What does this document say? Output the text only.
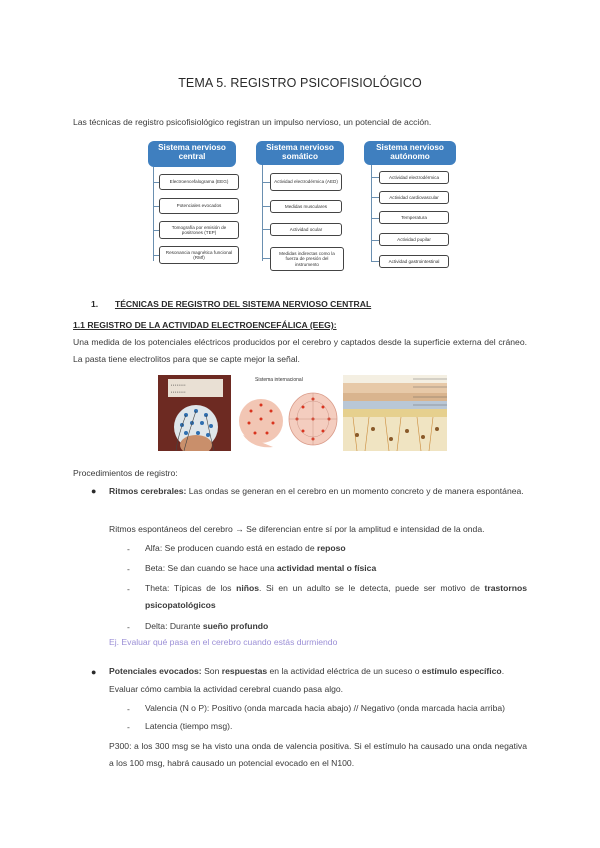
TEMA 5. REGISTRO PSICOFISIOLÓGICO
Las técnicas de registro psicofisiológico registran un impulso nervioso, un potencial de acción.
Sistema nervioso central
Electroencefalograma (EEG)
Potenciales evocados
Tomografía por emisión de positrones (TEP)
Resonancia magnética funcional (RMf)
Sistema nervioso somático
Actividad electrodérmica (AED)
Medidas musculares
Actividad ocular
Medidas indirectas como la fuerza de presión del instrumento
Sistema nervioso autónomo
Actividad electrodérmica
Actividad cardiovascular
Temperatura
Actividad pupilar
Actividad gastrointestinal
1. TÉCNICAS DE REGISTRO DEL SISTEMA NERVIOSO CENTRAL
1.1 REGISTRO DE LA ACTIVIDAD ELECTROENCEFÁLICA (EEG):
Una medida de los potenciales eléctricos producidos por el cerebro y captados desde la superficie externa del cráneo. La pasta tiene electrolitos para que se capte mejor la señal.
▪ ▪ ▪ ▪ ▪ ▪ ▪ ▪
▪ ▪ ▪ ▪ ▪ ▪ ▪ ▪
Sistema internacional
Procedimientos de registro:
● Ritmos cerebrales: Las ondas se generan en el cerebro en un momento concreto y de manera espontánea.
Ritmos espontáneos del cerebro → Se diferencian entre sí por la amplitud e intensidad de la onda.
- Alfa: Se producen cuando está en estado de reposo
- Beta: Se dan cuando se hace una actividad mental o física
- Theta: Típicas de los niños. Si en un adulto se le detecta, puede ser motivo de trastornos psicopatológicos
- Delta: Durante sueño profundo
Ej. Evaluar qué pasa en el cerebro cuando estás durmiendo
● Potenciales evocados: Son respuestas en la actividad eléctrica de un suceso o estímulo específico.
Evaluar cómo cambia la actividad cerebral cuando pasa algo.
- Valencia (N o P): Positivo (onda marcada hacia abajo) // Negativo (onda marcada hacia arriba)
- Latencia (tiempo msg).
P300: a los 300 msg se ha visto una onda de valencia positiva. Si el estímulo ha causado una onda negativa a los 100 msg, habrá causado un potencial evocado en el N100.
